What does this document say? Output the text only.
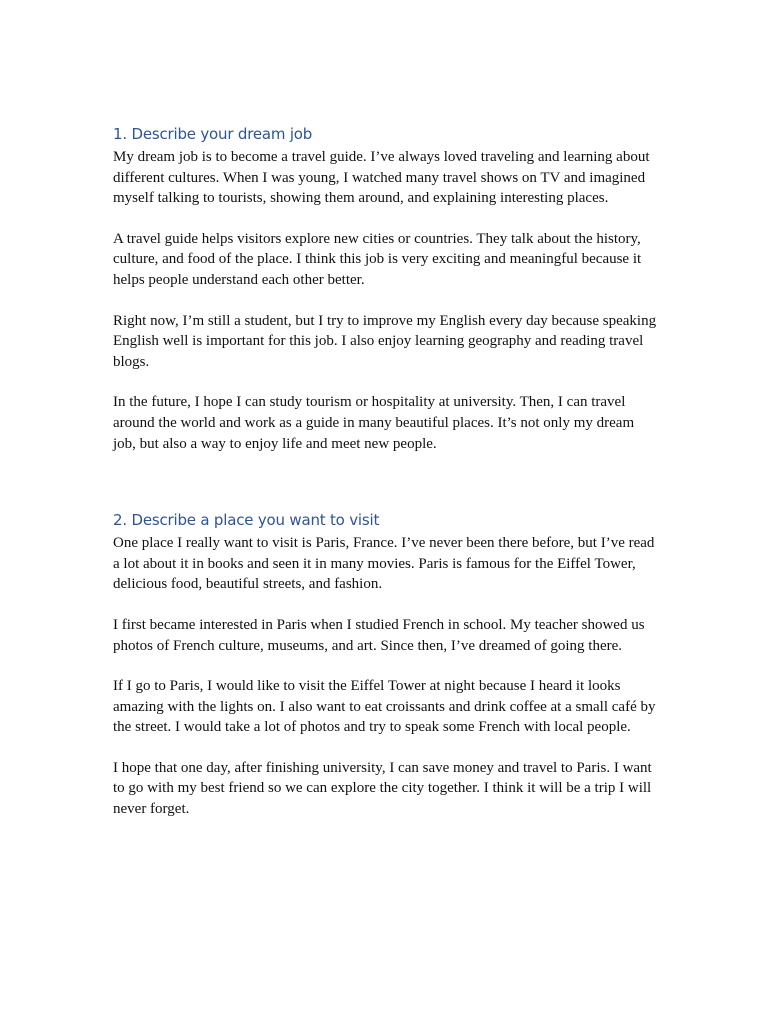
1. Describe your dream job

My dream job is to become a travel guide. I’ve always loved traveling and learning about different cultures. When I was young, I watched many travel shows on TV and imagined myself talking to tourists, showing them around, and explaining interesting places.

A travel guide helps visitors explore new cities or countries. They talk about the history, culture, and food of the place. I think this job is very exciting and meaningful because it helps people understand each other better.

Right now, I’m still a student, but I try to improve my English every day because speaking English well is important for this job. I also enjoy learning geography and reading travel blogs.

In the future, I hope I can study tourism or hospitality at university. Then, I can travel around the world and work as a guide in many beautiful places. It’s not only my dream job, but also a way to enjoy life and meet new people.

2. Describe a place you want to visit

One place I really want to visit is Paris, France. I’ve never been there before, but I’ve read a lot about it in books and seen it in many movies. Paris is famous for the Eiffel Tower, delicious food, beautiful streets, and fashion.

I first became interested in Paris when I studied French in school. My teacher showed us photos of French culture, museums, and art. Since then, I’ve dreamed of going there.

If I go to Paris, I would like to visit the Eiffel Tower at night because I heard it looks amazing with the lights on. I also want to eat croissants and drink coffee at a small café by the street. I would take a lot of photos and try to speak some French with local people.

I hope that one day, after finishing university, I can save money and travel to Paris. I want to go with my best friend so we can explore the city together. I think it will be a trip I will never forget.
